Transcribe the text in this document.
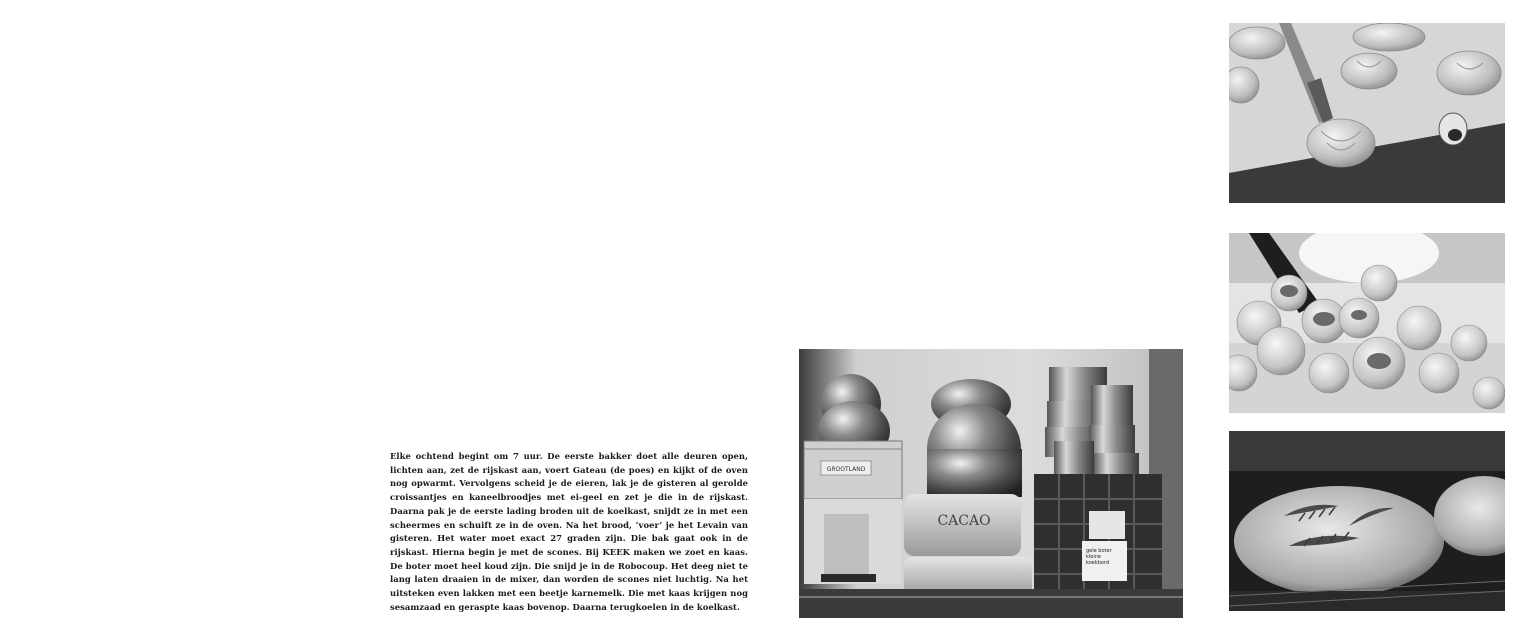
Elke ochtend begint om 7 uur. De eerste bakker doet alle deuren open, lichten aan, zet de rijskast aan, voert Gateau (de poes) en kijkt of de oven nog opwarmt. Vervolgens scheid je de eieren, lak je de gisteren al gerolde croissantjes en kaneelbroodjes met ei-geel en zet je die in de rijskast. Daarna pak je de eerste lading broden uit de koelkast, snijdt ze in met een scheermes en schuift ze in de oven. Na het brood, ‘voer’ je het Levain van gisteren. Het water moet exact 27 graden zijn. Die bak gaat ook in de rijskast. Hierna begin je met de scones. Bij KEEK maken we zoet en kaas. De boter moet heel koud zijn. Die snijd je in de Robocoup. Het deeg niet te lang laten draaien in de mixer, dan worden de scones niet luchtig. Na het uitsteken even lakken met een beetje karnemelk. Die met kaas krijgen nog sesamzaad en geraspte kaas bovenop. Daarna terugkoelen in de koelkast.

GROOTLAND
CACAO
gele boter kleine koekbord
